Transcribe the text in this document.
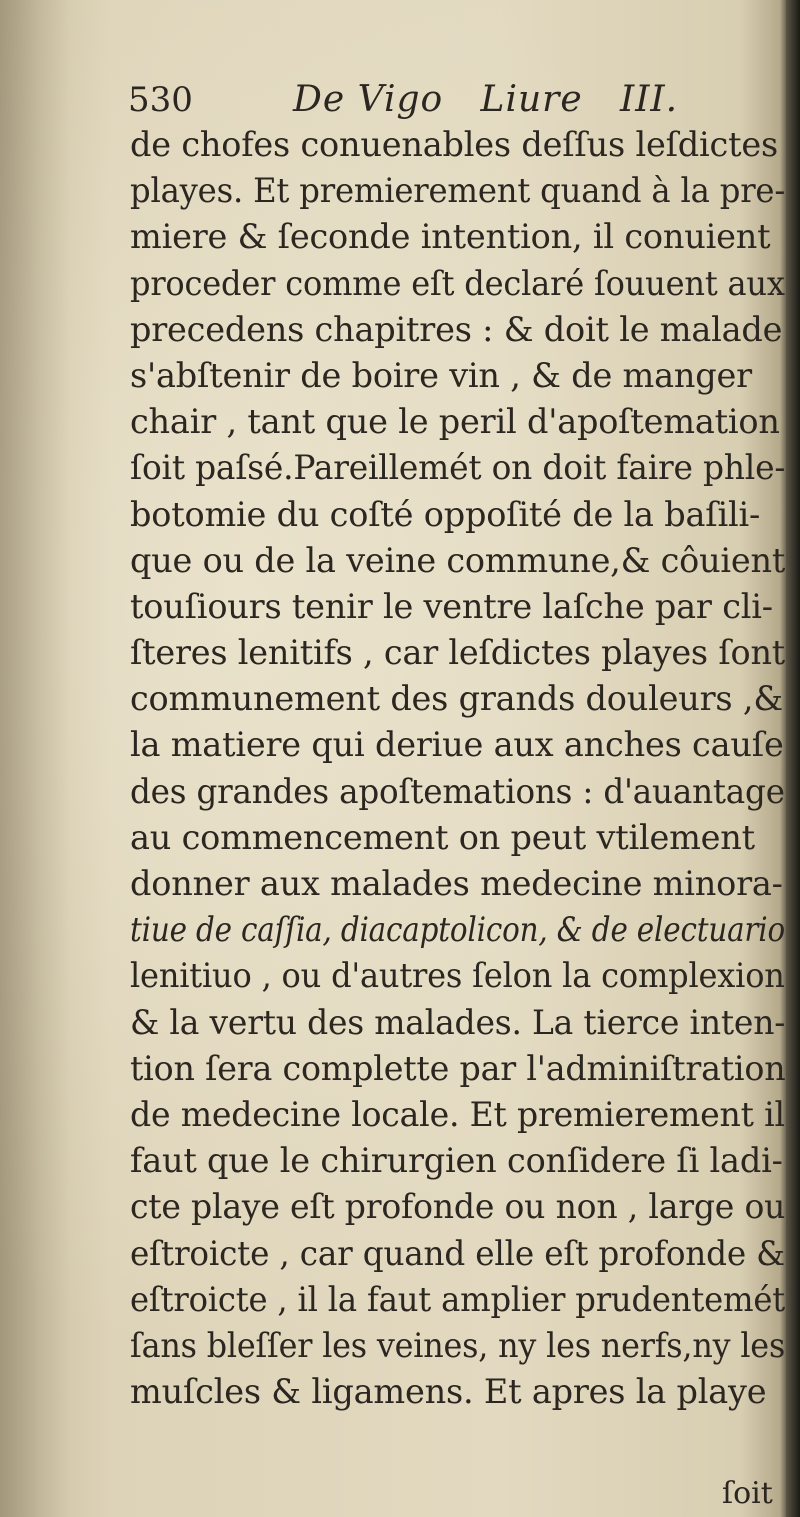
530	De Vigo   Liure   III.
de chofes conuenables deſſus leſdictes
playes. Et premierement quand à la pre-
miere & ſeconde intention, il conuient
proceder comme eſt declaré ſouuent aux
precedens chapitres : & doit le malade
s'abſtenir de boire vin , & de manger
chair , tant que le peril d'apoſtemation
ſoit paſsé.Pareillemét on doit faire phle-
botomie du coſté oppoſité de la baſili-
que ou de la veine commune,& côuient
touſiours tenir le ventre laſche par cli-
ſteres lenitifs , car leſdictes playes ſont
communement des grands douleurs ,&
la matiere qui deriue aux anches cauſe
des grandes apoſtemations : d'auantage
au commencement on peut vtilement
donner aux malades medecine minora-
tiue de caſſia, diacaptolicon, & de electuario
lenitiuo , ou d'autres ſelon la complexion
& la vertu des malades. La tierce inten-
tion ſera complette par l'adminiſtration
de medecine locale. Et premierement il
faut que le chirurgien conſidere ſi ladi-
cte playe eſt profonde ou non , large ou
eſtroicte , car quand elle eſt profonde &
eſtroicte , il la faut amplier prudentemét
ſans bleſſer les veines, ny les nerfs,ny les
muſcles & ligamens. Et apres la playe
ſoit
